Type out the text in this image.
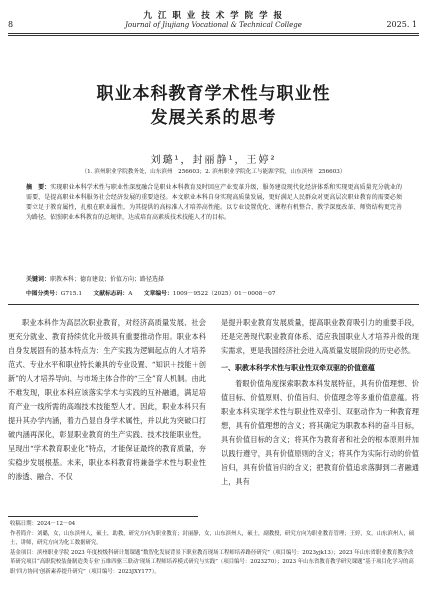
8
九 江 职 业 技 术 学 院 学 报
Journal of Jiujiang Vocational & Technical College	2025. 1
职业本科教育学术性与职业性
发展关系的思考
刘璐¹，封丽静¹，王婷²
（1. 滨州职业学院教务处，山东滨州　256603；2. 滨州职业学院化工与能源学院，山东滨州　256603）
摘　要：实现职业本科学术性与职业性深度融合是职业本科教育及时回应产业变革升级，服务建设现代化经济体系和实现更高质量充分就业的需要，是提高职业本科服务社会经济发展的重要途径。本文职业本科自身实现高质量发展，更好满足人民群众对更高层次职业教育的需要必须要立足于教育属性，扎根在职业属性，为其提供的高标准人才培养高性能。以专业设置优化、课程有机整合、教学深度改革、师资结构更完善为路径，依照职业本科教育的总规律，达成培育高素质技术技能人才的目标。
关键词：职教本科；德育建设；价值方向；路径选择
中图分类号：G715.1 文献标志码：A 文章编号：1009－9522（2025）01－0008－07

职业本科作为高层次职业教育，对经济高质量发展、社会更充分就业、教育持续优化升级具有重要推动作用。职业本科自身发展固有的基本特点为：生产实践为逻辑起点的人才培养范式、专业水平和职业特长兼具的专业设置、“知识＋技能＋创新”的人才培养导向、与市场主体合作的“三全”育人机制。由此不难发现，职业本科应该落实学术与实践的互补融通，满足培育产业一线所需的高端技术技能型人才。因此，职业本科只有提升其办学内涵，着力凸显自身学术属性，并以此为突破口打破内涵再深化，彰显职业教育的生产实践、技术技能职业性，呈现出“学术教育职业化”特点，才能保证最终的教育质量，夯实稳步发展根基。未来，职业本科教育将兼备学术性与职业性的渗透、融合、不仅

是提升职业教育发展质量，提高职业教育吸引力的重要手段，还是完善现代职业教育体系、适应我国职业人才培养升级的现实需求，更是我国经济社会进入高质量发展阶段的历史必然。

一、职教本科学术性与职业性双牵双驱的价值意蕴

着眼价值角度探索职教本科发展特征，具有价值理想、价值目标、价值原则、价值旨归、价值理念等多重价值意蕴。将职业本科实现学术性与职业性双牵引、双驱动作为一种教育理想，具有价值理想的含义；将其确定为职教本科的奋斗目标，具有价值目标的含义；将其作为教育者和社会的根本原则并加以践行遵守，具有价值原则的含义；将其作为实际行动的价值旨归，具有价值旨归的含义；把教育价值追求落脚到二者融通上，具有

收稿日期：2024－12－04
作者简介：刘璐，女，山东滨州人，硕士，助教，研究方向为职业教育；封丽静，女，山东滨州人，硕士，副教授，研究方向为职业教育管理；王婷，女，山东滨州人，硕士，讲师，研究方向为化工数据研究。
基金项目：滨州职业学院 2023 年度校级科研计划课题“数智化发展背景下职业教育现场工程师培养路径研究”（项目编号：2023yjk13）；2023 年山东省职业教育教学改革研究项目“高职院校装备制造类专业'五维四驱三联动'现场工程师培养模式研究与实践”（项目编号：2023270）；2023 年山东省教育教学研究课题“基于项目化学习的高职'四方协同'创新素养提升研究”（项目编号：2023JXY177）。
